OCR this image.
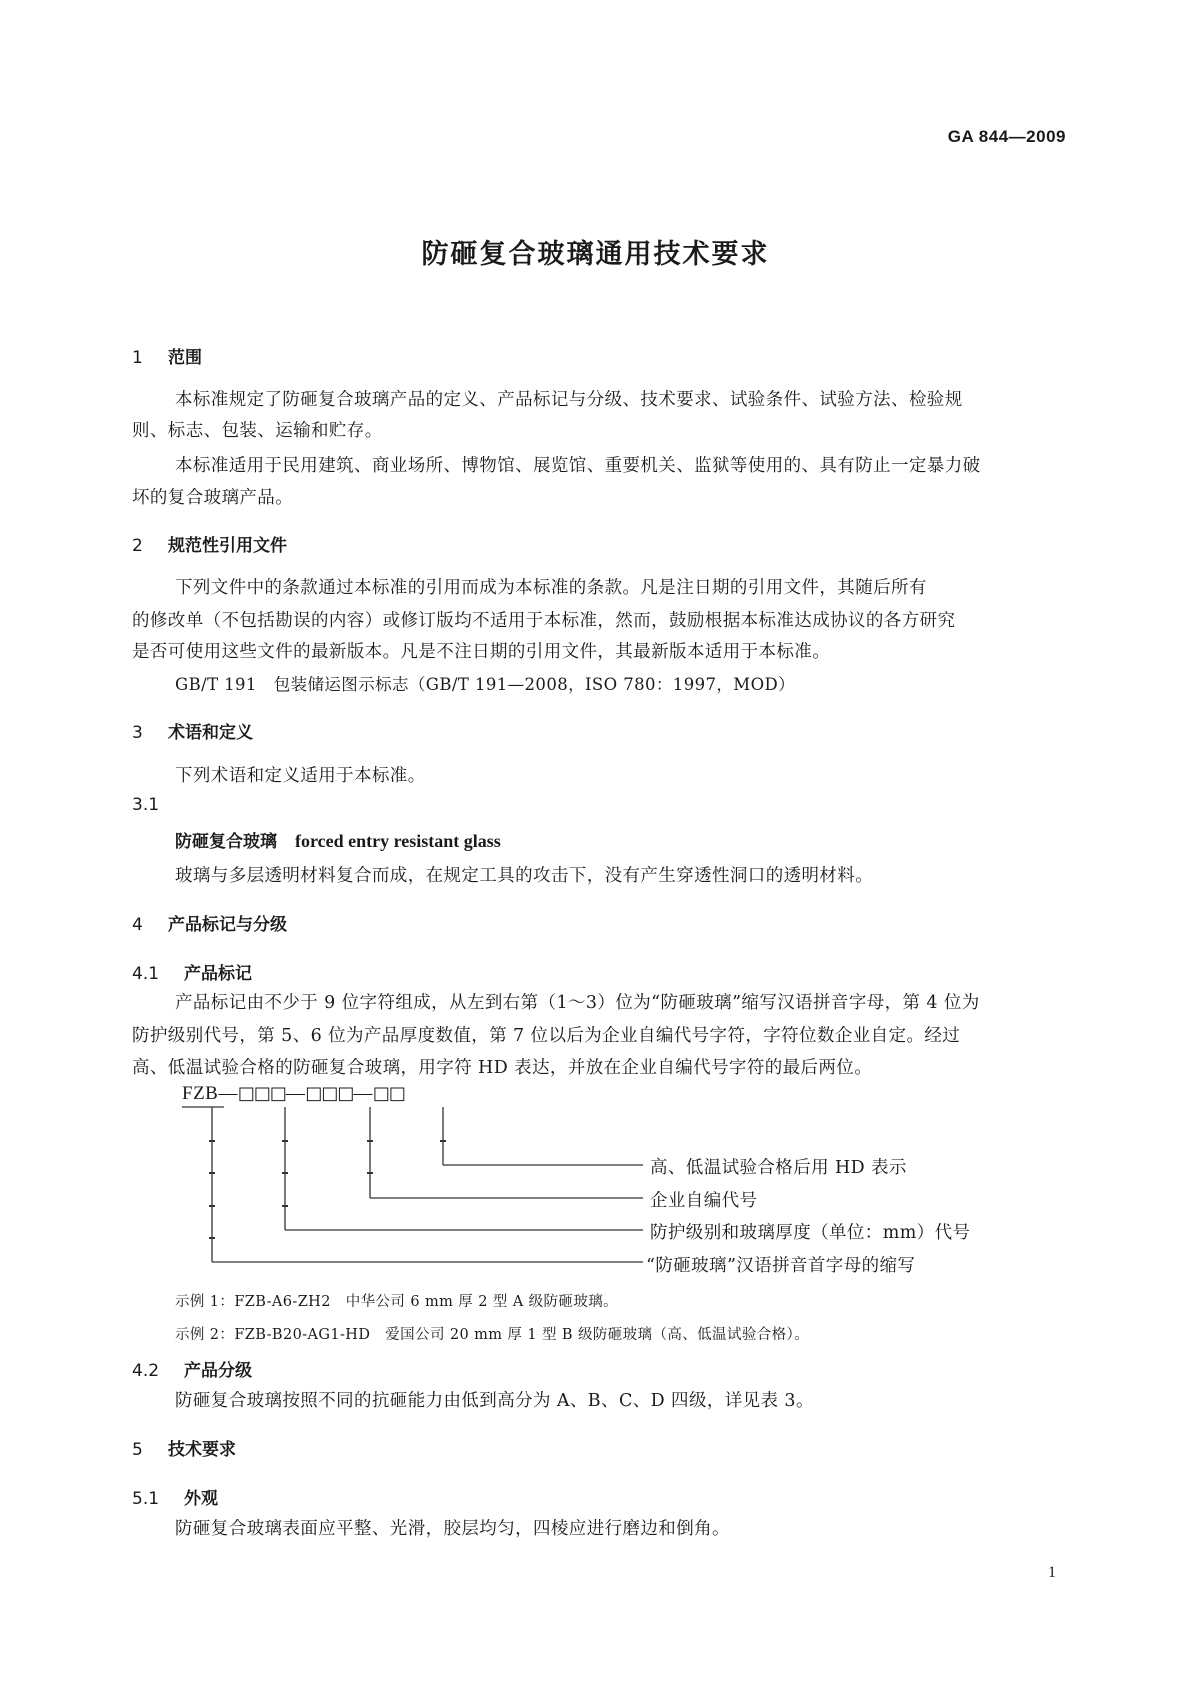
GA 844—2009
防砸复合玻璃通用技术要求
1 范围
本标准规定了防砸复合玻璃产品的定义、产品标记与分级、技术要求、试验条件、试验方法、检验规
则、标志、包装、运输和贮存。
本标准适用于民用建筑、商业场所、博物馆、展览馆、重要机关、监狱等使用的、具有防止一定暴力破
坏的复合玻璃产品。
2 规范性引用文件
下列文件中的条款通过本标准的引用而成为本标准的条款。凡是注日期的引用文件，其随后所有
的修改单（不包括勘误的内容）或修订版均不适用于本标准，然而，鼓励根据本标准达成协议的各方研究
是否可使用这些文件的最新版本。凡是不注日期的引用文件，其最新版本适用于本标准。
GB/T 191　包装储运图示标志（GB/T 191—2008，ISO 780：1997，MOD）
3 术语和定义
下列术语和定义适用于本标准。
3.1
防砸复合玻璃 forced entry resistant glass
玻璃与多层透明材料复合而成，在规定工具的攻击下，没有产生穿透性洞口的透明材料。
4 产品标记与分级
4.1 产品标记
产品标记由不少于 9 位字符组成，从左到右第（1～3）位为“防砸玻璃”缩写汉语拼音字母，第 4 位为
防护级别代号，第 5、6 位为产品厚度数值，第 7 位以后为企业自编代号字符，字符位数企业自定。经过
高、低温试验合格的防砸复合玻璃，用字符 HD 表达，并放在企业自编代号字符的最后两位。
FZB—□□□—□□□—□□
高、低温试验合格后用 HD 表示
企业自编代号
防护级别和玻璃厚度（单位：mm）代号
“防砸玻璃”汉语拼音首字母的缩写
示例 1：FZB-A6-ZH2　中华公司 6 mm 厚 2 型 A 级防砸玻璃。
示例 2：FZB-B20-AG1-HD　爱国公司 20 mm 厚 1 型 B 级防砸玻璃（高、低温试验合格）。
4.2 产品分级
防砸复合玻璃按照不同的抗砸能力由低到高分为 A、B、C、D 四级，详见表 3。
5 技术要求
5.1 外观
防砸复合玻璃表面应平整、光滑，胶层均匀，四棱应进行磨边和倒角。
1
